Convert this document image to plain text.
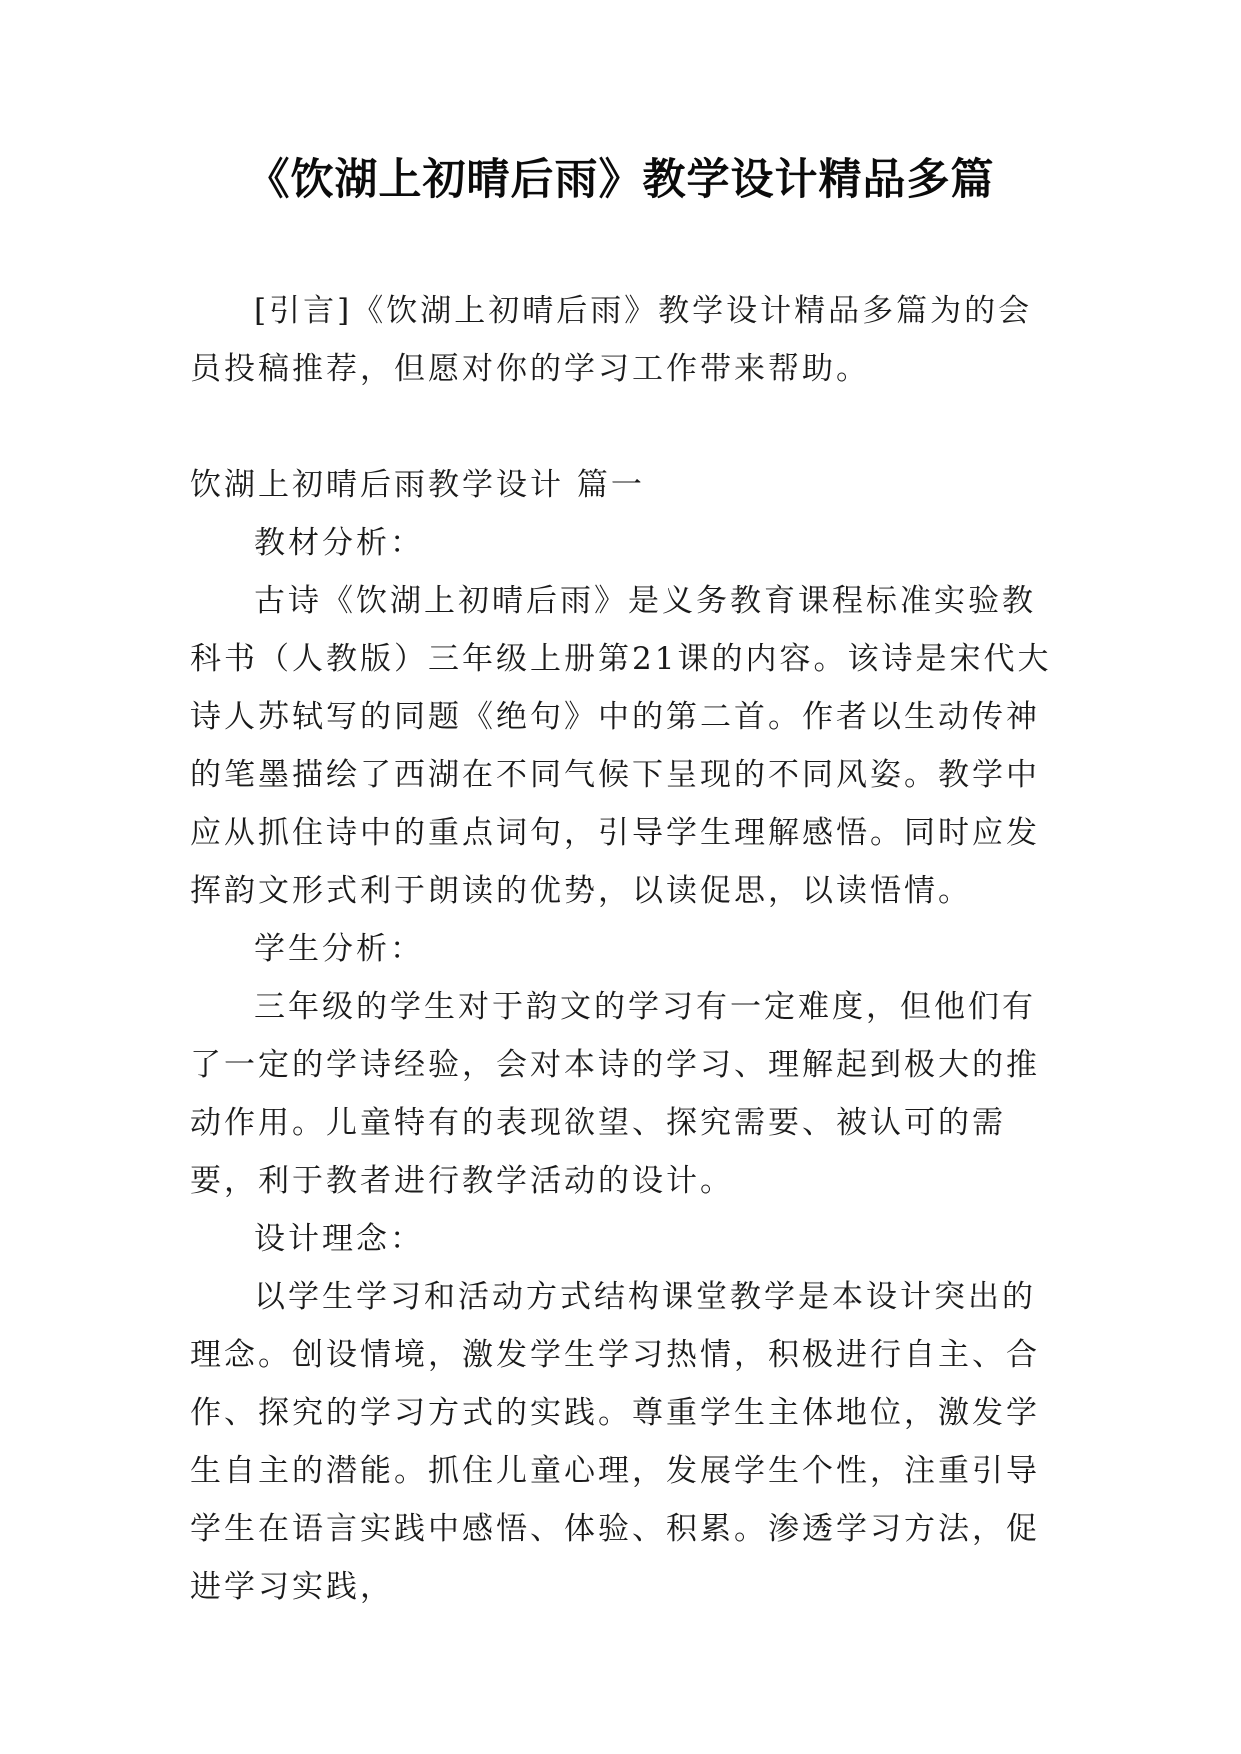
《饮湖上初晴后雨》教学设计精品多篇

[引言]《饮湖上初晴后雨》教学设计精品多篇为的会员投稿推荐，但愿对你的学习工作带来帮助。

饮湖上初晴后雨教学设计 篇一

教材分析：

古诗《饮湖上初晴后雨》是义务教育课程标准实验教科书（人教版）三年级上册第21课的内容。该诗是宋代大诗人苏轼写的同题《绝句》中的第二首。作者以生动传神的笔墨描绘了西湖在不同气候下呈现的不同风姿。教学中应从抓住诗中的重点词句，引导学生理解感悟。同时应发挥韵文形式利于朗读的优势，以读促思，以读悟情。

学生分析：

三年级的学生对于韵文的学习有一定难度，但他们有了一定的学诗经验，会对本诗的学习、理解起到极大的推动作用。儿童特有的表现欲望、探究需要、被认可的需要，利于教者进行教学活动的设计。

设计理念：

以学生学习和活动方式结构课堂教学是本设计突出的理念。创设情境，激发学生学习热情，积极进行自主、合作、探究的学习方式的实践。尊重学生主体地位，激发学生自主的潜能。抓住儿童心理，发展学生个性，注重引导学生在语言实践中感悟、体验、积累。渗透学习方法，促进学习实践，
